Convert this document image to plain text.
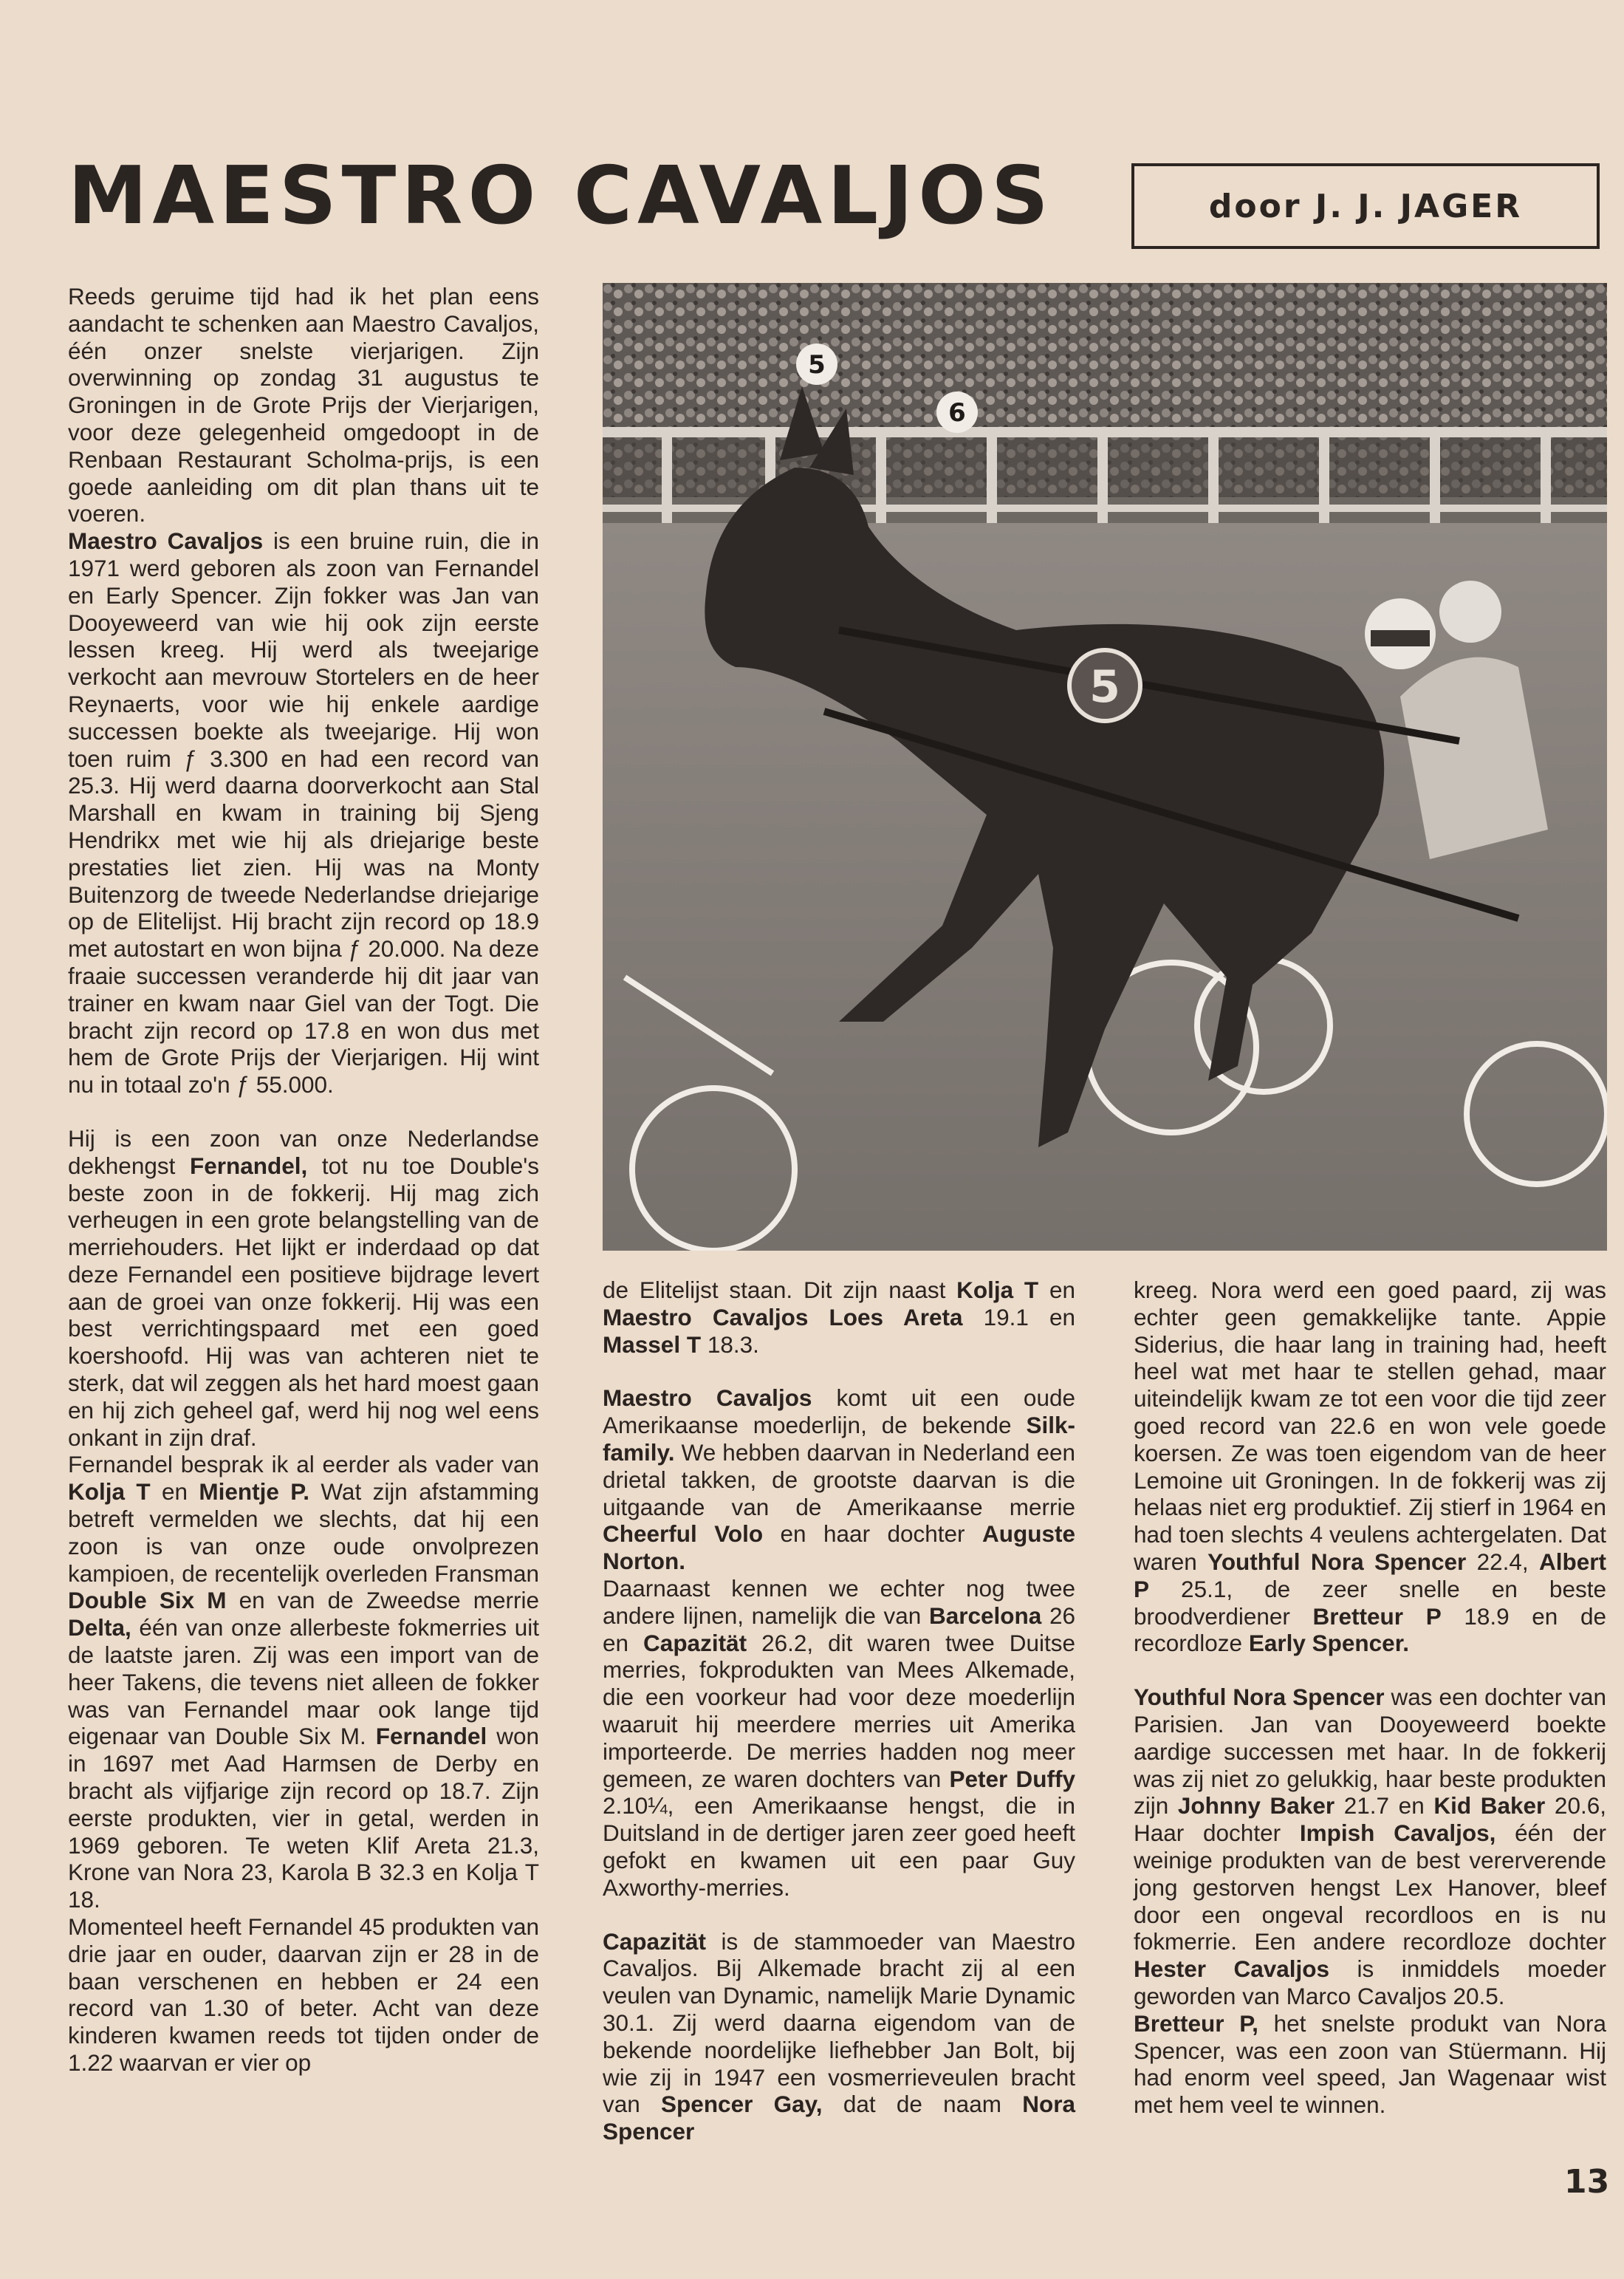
MAESTRO CAVALJOS	door J. J. JAGER

Reeds geruime tijd had ik het plan eens aandacht te schenken aan Maestro Cavaljos, één onzer snelste vierjarigen. Zijn overwinning op zondag 31 augustus te Groningen in de Grote Prijs der Vierjarigen, voor deze gelegenheid omgedoopt in de Renbaan Restaurant Scholma-prijs, is een goede aanleiding om dit plan thans uit te voeren.

Maestro Cavaljos is een bruine ruin, die in 1971 werd geboren als zoon van Fernandel en Early Spencer. Zijn fokker was Jan van Dooyeweerd van wie hij ook zijn eerste lessen kreeg. Hij werd als tweejarige verkocht aan mevrouw Stortelers en de heer Reynaerts, voor wie hij enkele aardige successen boekte als tweejarige. Hij won toen ruim ƒ 3.300 en had een record van 25.3. Hij werd daarna doorverkocht aan Stal Marshall en kwam in training bij Sjeng Hendrikx met wie hij als driejarige beste prestaties liet zien. Hij was na Monty Buitenzorg de tweede Nederlandse driejarige op de Elitelijst. Hij bracht zijn record op 18.9 met autostart en won bijna ƒ 20.000. Na deze fraaie successen veranderde hij dit jaar van trainer en kwam naar Giel van der Togt. Die bracht zijn record op 17.8 en won dus met hem de Grote Prijs der Vierjarigen. Hij wint nu in totaal zo'n ƒ 55.000.

Hij is een zoon van onze Nederlandse dekhengst Fernandel, tot nu toe Double's beste zoon in de fokkerij. Hij mag zich verheugen in een grote belangstelling van de merriehouders. Het lijkt er inderdaad op dat deze Fernandel een positieve bijdrage levert aan de groei van onze fokkerij. Hij was een best verrichtingspaard met een goed koershoofd. Hij was van achteren niet te sterk, dat wil zeggen als het hard moest gaan en hij zich geheel gaf, werd hij nog wel eens onkant in zijn draf.

Fernandel besprak ik al eerder als vader van Kolja T en Mientje P. Wat zijn afstamming betreft vermelden we slechts, dat hij een zoon is van onze oude onvolprezen kampioen, de recentelijk overleden Fransman Double Six M en van de Zweedse merrie Delta, één van onze allerbeste fokmerries uit de laatste jaren. Zij was een import van de heer Takens, die tevens niet alleen de fokker was van Fernandel maar ook lange tijd eigenaar van Double Six M. Fernandel won in 1697 met Aad Harmsen de Derby en bracht als vijfjarige zijn record op 18.7. Zijn eerste produkten, vier in getal, werden in 1969 geboren. Te weten Klif Areta 21.3, Krone van Nora 23, Karola B 32.3 en Kolja T 18.

Momenteel heeft Fernandel 45 produkten van drie jaar en ouder, daarvan zijn er 28 in de baan verschenen en hebben er 24 een record van 1.30 of beter. Acht van deze kinderen kwamen reeds tot tijden onder de 1.22 waarvan er vier op

5
6
5

de Elitelijst staan. Dit zijn naast Kolja T en Maestro Cavaljos Loes Areta 19.1 en Massel T 18.3.

Maestro Cavaljos komt uit een oude Amerikaanse moederlijn, de bekende Silk-family. We hebben daarvan in Nederland een drietal takken, de grootste daarvan is die uitgaande van de Amerikaanse merrie Cheerful Volo en haar dochter Auguste Norton.

Daarnaast kennen we echter nog twee andere lijnen, namelijk die van Barcelona 26 en Capazität 26.2, dit waren twee Duitse merries, fokprodukten van Mees Alkemade, die een voorkeur had voor deze moederlijn waaruit hij meerdere merries uit Amerika importeerde. De merries hadden nog meer gemeen, ze waren dochters van Peter Duffy 2.10¼, een Amerikaanse hengst, die in Duitsland in de dertiger jaren zeer goed heeft gefokt en kwamen uit een paar Guy Axworthy-merries.

Capazität is de stammoeder van Maestro Cavaljos. Bij Alkemade bracht zij al een veulen van Dynamic, namelijk Marie Dynamic 30.1. Zij werd daarna eigendom van de bekende noordelijke liefhebber Jan Bolt, bij wie zij in 1947 een vosmerrieveulen bracht van Spencer Gay, dat de naam Nora Spencer

kreeg. Nora werd een goed paard, zij was echter geen gemakkelijke tante. Appie Siderius, die haar lang in training had, heeft heel wat met haar te stellen gehad, maar uiteindelijk kwam ze tot een voor die tijd zeer goed record van 22.6 en won vele goede koersen. Ze was toen eigendom van de heer Lemoine uit Groningen. In de fokkerij was zij helaas niet erg produktief. Zij stierf in 1964 en had toen slechts 4 veulens achtergelaten. Dat waren Youthful Nora Spencer 22.4, Albert P 25.1, de zeer snelle en beste broodverdiener Bretteur P 18.9 en de recordloze Early Spencer.

Youthful Nora Spencer was een dochter van Parisien. Jan van Dooyeweerd boekte aardige successen met haar. In de fokkerij was zij niet zo gelukkig, haar beste produkten zijn Johnny Baker 21.7 en Kid Baker 20.6, Haar dochter Impish Cavaljos, één der weinige produkten van de best vererverende jong gestorven hengst Lex Hanover, bleef door een ongeval recordloos en is nu fokmerrie. Een andere recordloze dochter Hester Cavaljos is inmiddels moeder geworden van Marco Cavaljos 20.5.

Bretteur P, het snelste produkt van Nora Spencer, was een zoon van Stüermann. Hij had enorm veel speed, Jan Wagenaar wist met hem veel te winnen.

13
